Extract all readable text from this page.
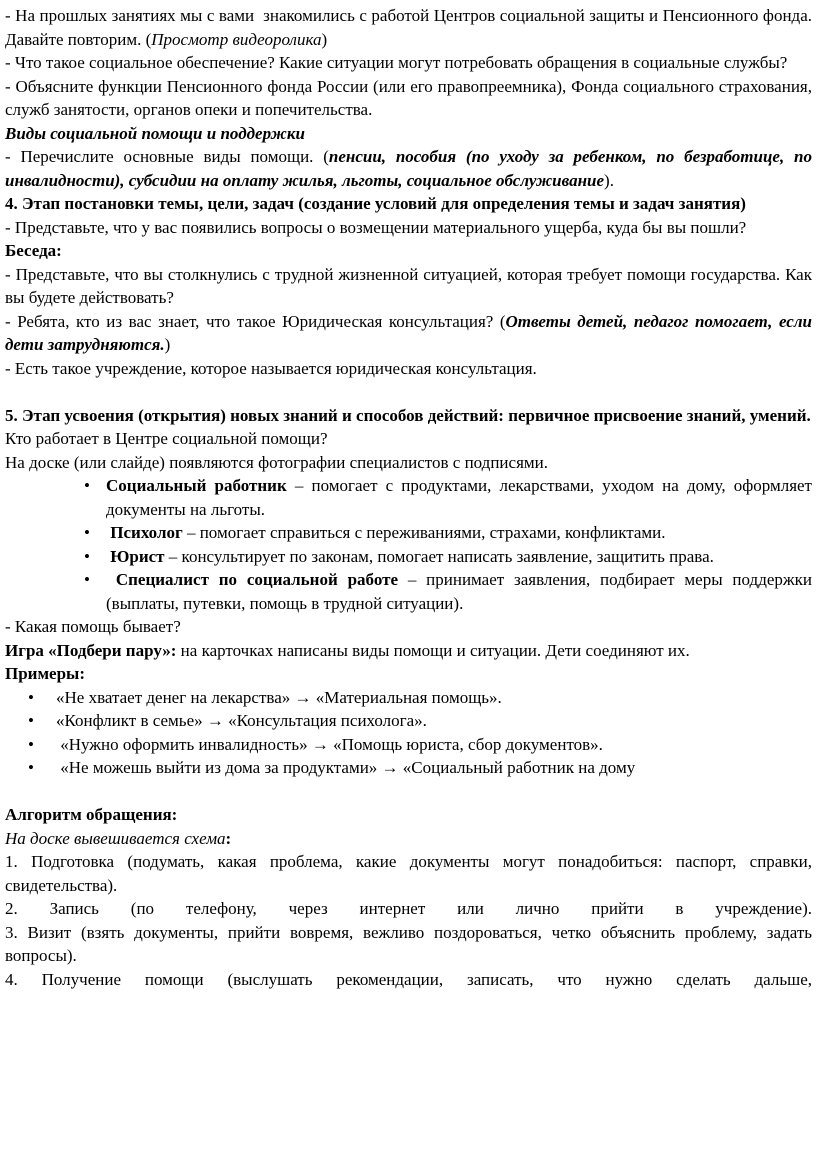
- На прошлых занятиях мы с вами  знакомились с работой Центров социальной защиты и Пенсионного фонда. Давайте повторим. (Просмотр видеоролика)

- Что такое социальное обеспечение? Какие ситуации могут потребовать обращения в социальные службы?

- Объясните функции Пенсионного фонда России (или его правопреемника), Фонда социального страхования, служб занятости, органов опеки и попечительства.

Виды социальной помощи и поддержки

- Перечислите основные виды помощи. (пенсии, пособия (по уходу за ребенком, по безработице, по инвалидности), субсидии на оплату жилья, льготы, социальное обслуживание).

4. Этап постановки темы, цели, задач (создание условий для определения темы и задач занятия)

- Представьте, что у вас появились вопросы о возмещении материального ущерба, куда бы вы пошли?

Беседа:

- Представьте, что вы столкнулись с трудной жизненной ситуацией, которая требует помощи государства. Как вы будете действовать?

- Ребята, кто из вас знает, что такое Юридическая консультация? (Ответы детей, педагог помогает, если дети затрудняются.)

- Есть такое учреждение, которое называется юридическая консультация.

5. Этап усвоения (открытия) новых знаний и способов действий: первичное присвоение знаний, умений.

Кто работает в Центре социальной помощи?

На доске (или слайде) появляются фотографии специалистов с подписями.

• Социальный работник – помогает с продуктами, лекарствами, уходом на дому, оформляет документы на льготы.
• Психолог – помогает справиться с переживаниями, страхами, конфликтами.
• Юрист – консультирует по законам, помогает написать заявление, защитить права.
• Специалист по социальной работе – принимает заявления, подбирает меры поддержки (выплаты, путевки, помощь в трудной ситуации).

- Какая помощь бывает?

Игра «Подбери пару»: на карточках написаны виды помощи и ситуации. Дети соединяют их.

Примеры:

• «Не хватает денег на лекарства» → «Материальная помощь».
• «Конфликт в семье» → «Консультация психолога».
• «Нужно оформить инвалидность» → «Помощь юриста, сбор документов».
• «Не можешь выйти из дома за продуктами» → «Социальный работник на дому

Алгоритм обращения:

На доске вывешивается схема:

1. Подготовка (подумать, какая проблема, какие документы могут понадобиться: паспорт, справки, свидетельства).

2. Запись (по телефону, через интернет или лично прийти в учреждение).

3. Визит (взять документы, прийти вовремя, вежливо поздороваться, четко объяснить проблему, задать вопросы).

4. Получение помощи (выслушать рекомендации, записать, что нужно сделать дальше,
